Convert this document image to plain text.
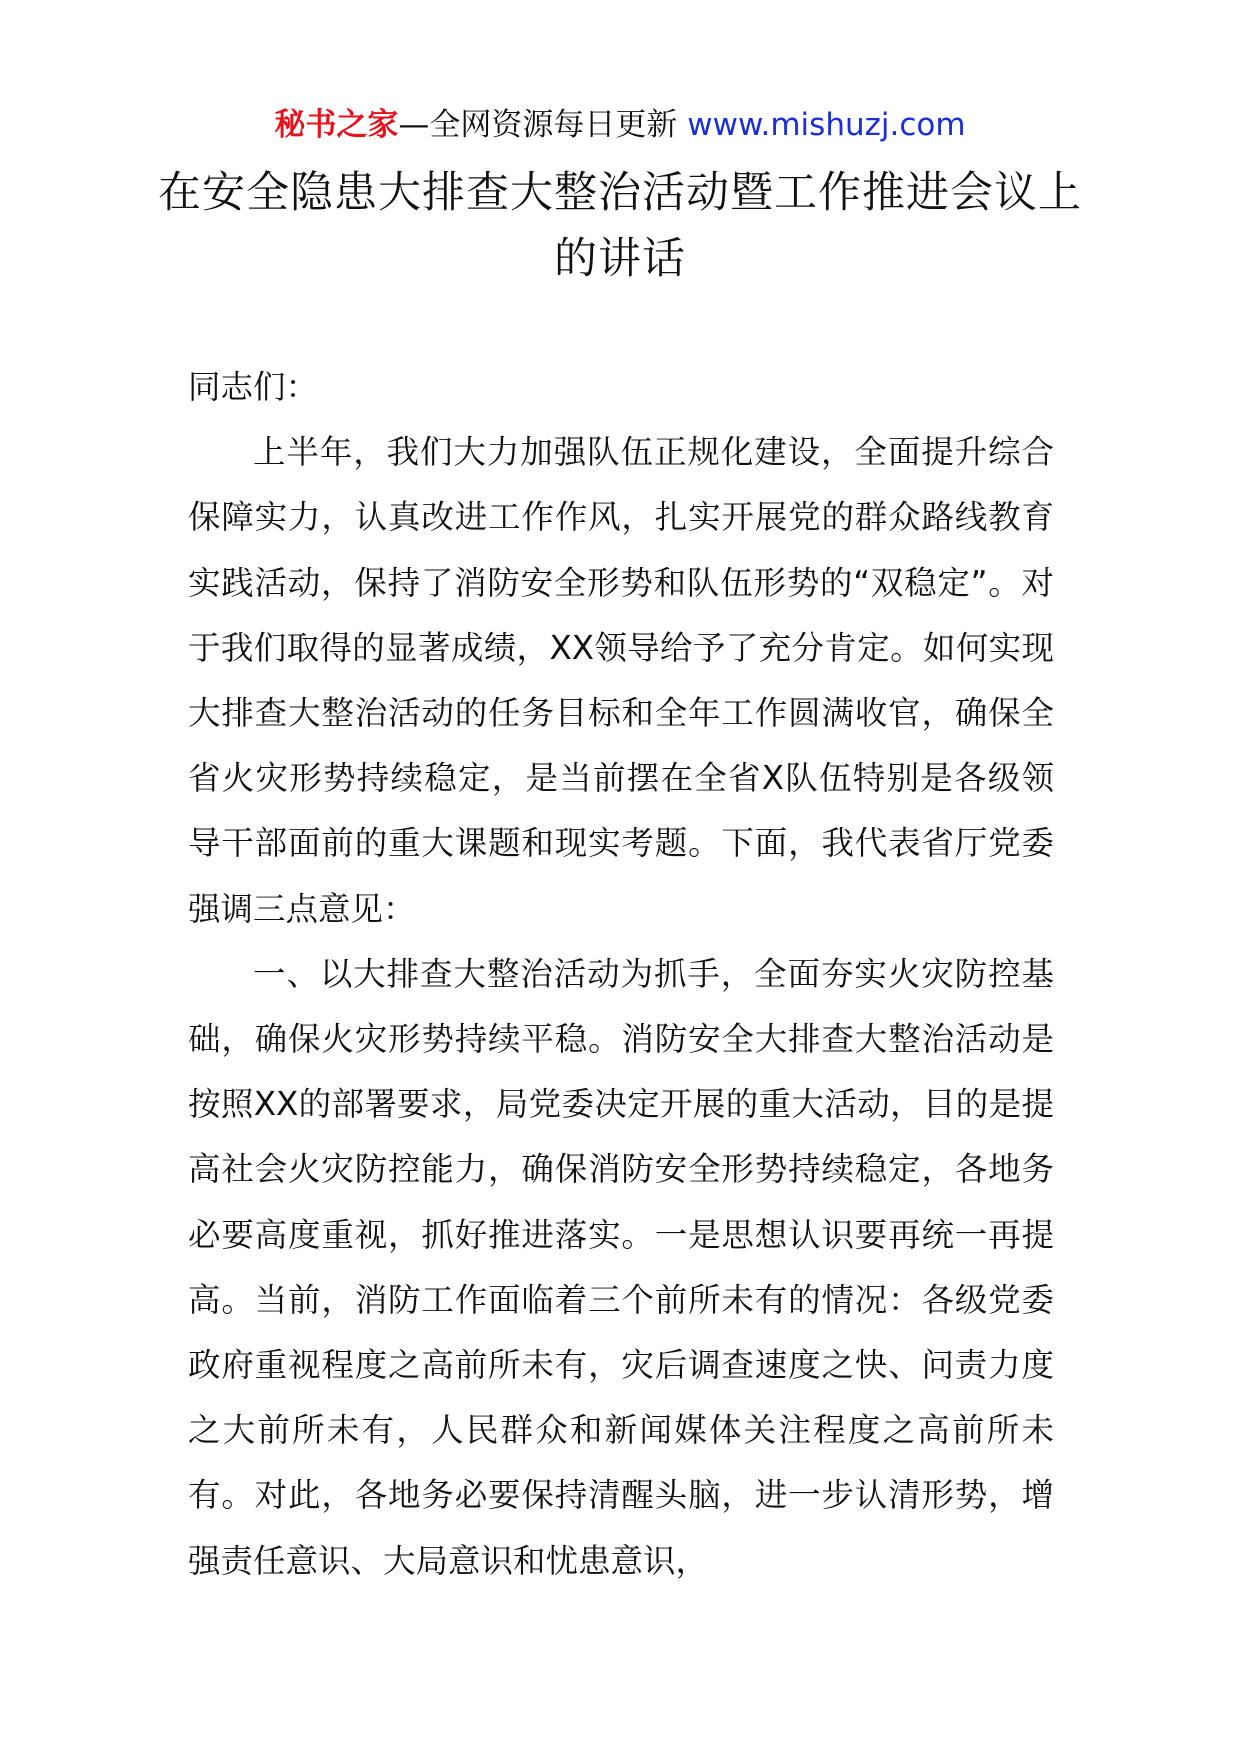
秘书之家—全网资源每日更新 www.mishuzj.com
在安全隐患大排查大整治活动暨工作推进会议上的讲话

同志们：

上半年，我们大力加强队伍正规化建设，全面提升综合保障实力，认真改进工作作风，扎实开展党的群众路线教育实践活动，保持了消防安全形势和队伍形势的“双稳定”。对于我们取得的显著成绩，XX领导给予了充分肯定。如何实现大排查大整治活动的任务目标和全年工作圆满收官，确保全省火灾形势持续稳定，是当前摆在全省X队伍特别是各级领导干部面前的重大课题和现实考题。下面，我代表省厅党委强调三点意见：

一、以大排查大整治活动为抓手，全面夯实火灾防控基础，确保火灾形势持续平稳。消防安全大排查大整治活动是按照XX的部署要求，局党委决定开展的重大活动，目的是提高社会火灾防控能力，确保消防安全形势持续稳定，各地务必要高度重视，抓好推进落实。一是思想认识要再统一再提高。当前，消防工作面临着三个前所未有的情况：各级党委政府重视程度之高前所未有，灾后调查速度之快、问责力度之大前所未有，人民群众和新闻媒体关注程度之高前所未有。对此，各地务必要保持清醒头脑，进一步认清形势，增强责任意识、大局意识和忧患意识，
